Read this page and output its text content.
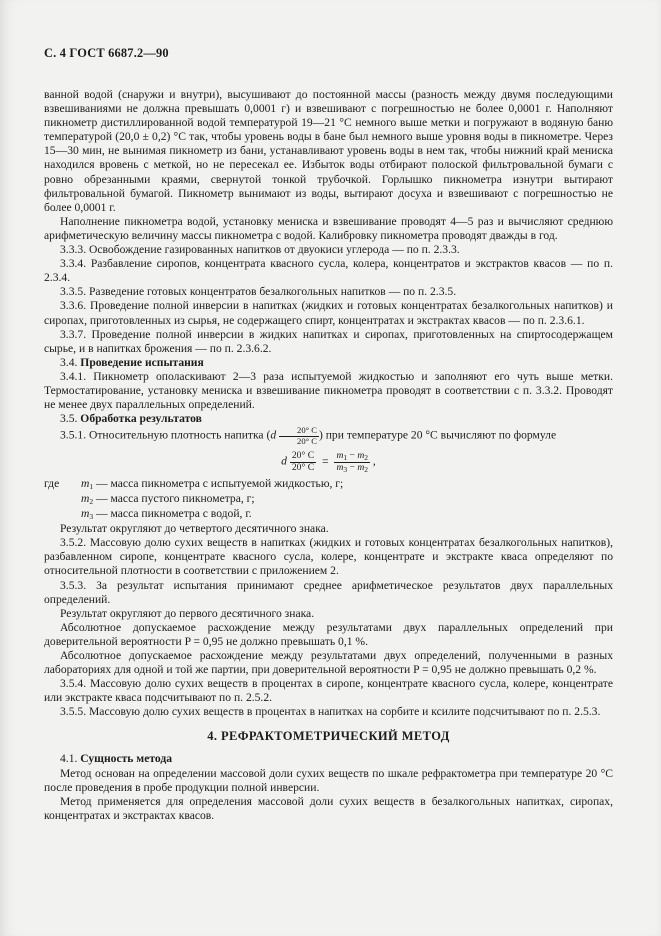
С. 4 ГОСТ 6687.2—90

ванной водой (снаружи и внутри), высушивают до постоянной массы (разность между двумя последующими взвешиваниями не должна превышать 0,0001 г) и взвешивают с погрешностью не более 0,0001 г. Наполняют пикнометр дистиллированной водой температурой 19—21 °С немного выше метки и погружают в водяную баню температурой (20,0 ± 0,2) °С так, чтобы уровень воды в бане был немного выше уровня воды в пикнометре. Через 15—30 мин, не вынимая пикнометр из бани, устанавливают уровень воды в нем так, чтобы нижний край мениска находился вровень с меткой, но не пересекал ее. Избыток воды отбирают полоской фильтровальной бумаги с ровно обрезанными краями, свернутой тонкой трубочкой. Горлышко пикнометра изнутри вытирают фильтровальной бумагой. Пикнометр вынимают из воды, вытирают досуха и взвешивают с погрешностью не более 0,0001 г.

Наполнение пикнометра водой, установку мениска и взвешивание проводят 4—5 раз и вычисляют среднюю арифметическую величину массы пикнометра с водой. Калибровку пикнометра проводят дважды в год.

3.3.3. Освобождение газированных напитков от двуокиси углерода — по п. 2.3.3.

3.3.4. Разбавление сиропов, концентрата квасного сусла, колера, концентратов и экстрактов квасов — по п. 2.3.4.

3.3.5. Разведение готовых концентратов безалкогольных напитков — по п. 2.3.5.

3.3.6. Проведение полной инверсии в напитках (жидких и готовых концентратах безалкогольных напитков) и сиропах, приготовленных из сырья, не содержащего спирт, концентратах и экстрактах квасов — по п. 2.3.6.1.

3.3.7. Проведение полной инверсии в жидких напитках и сиропах, приготовленных на спиртосодержащем сырье, и в напитках брожения — по п. 2.3.6.2.

3.4. Проведение испытания

3.4.1. Пикнометр ополаскивают 2—3 раза испытуемой жидкостью и заполняют его чуть выше метки. Термостатирование, установку мениска и взвешивание пикнометра проводят в соответствии с п. 3.3.2. Проводят не менее двух параллельных определений.

3.5. Обработка результатов

3.5.1. Относительную плотность напитка ($d \frac{20^\circ С}{20^\circ С}$ ) при температуре 20 °С вычисляют по формуле

d $\frac{20^\circ С}{20^\circ С} = \frac{m_1 - m_2}{m_3 - m_2}$ ,
где $m_1$ — масса пикнометра с испытуемой жидкостью, г;
$m_2$ — масса пустого пикнометра, г;
$m_3$ — масса пикнометра с водой, г.

Результат округляют до четвертого десятичного знака.

3.5.2. Массовую долю сухих веществ в напитках (жидких и готовых концентратах безалкогольных напитков), разбавленном сиропе, концентрате квасного сусла, колере, концентрате и экстракте кваса определяют по относительной плотности в соответствии с приложением 2.

3.5.3. За результат испытания принимают среднее арифметическое результатов двух параллельных определений.

Результат округляют до первого десятичного знака.

Абсолютное допускаемое расхождение между результатами двух параллельных определений при доверительной вероятности P = 0,95 не должно превышать 0,1 %.

Абсолютное допускаемое расхождение между результатами двух определений, полученными в разных лабораториях для одной и той же партии, при доверительной вероятности P = 0,95 не должно превышать 0,2 %.

3.5.4. Массовую долю сухих веществ в процентах в сиропе, концентрате квасного сусла, колере, концентрате или экстракте кваса подсчитывают по п. 2.5.2.

3.5.5. Массовую долю сухих веществ в процентах в напитках на сорбите и ксилите подсчитывают по п. 2.5.3.

4. РЕФРАКТОМЕТРИЧЕСКИЙ МЕТОД

4.1. Сущность метода

Метод основан на определении массовой доли сухих веществ по шкале рефрактометра при температуре 20 °С после проведения в пробе продукции полной инверсии.

Метод применяется для определения массовой доли сухих веществ в безалкогольных напитках, сиропах, концентратах и экстрактах квасов.
